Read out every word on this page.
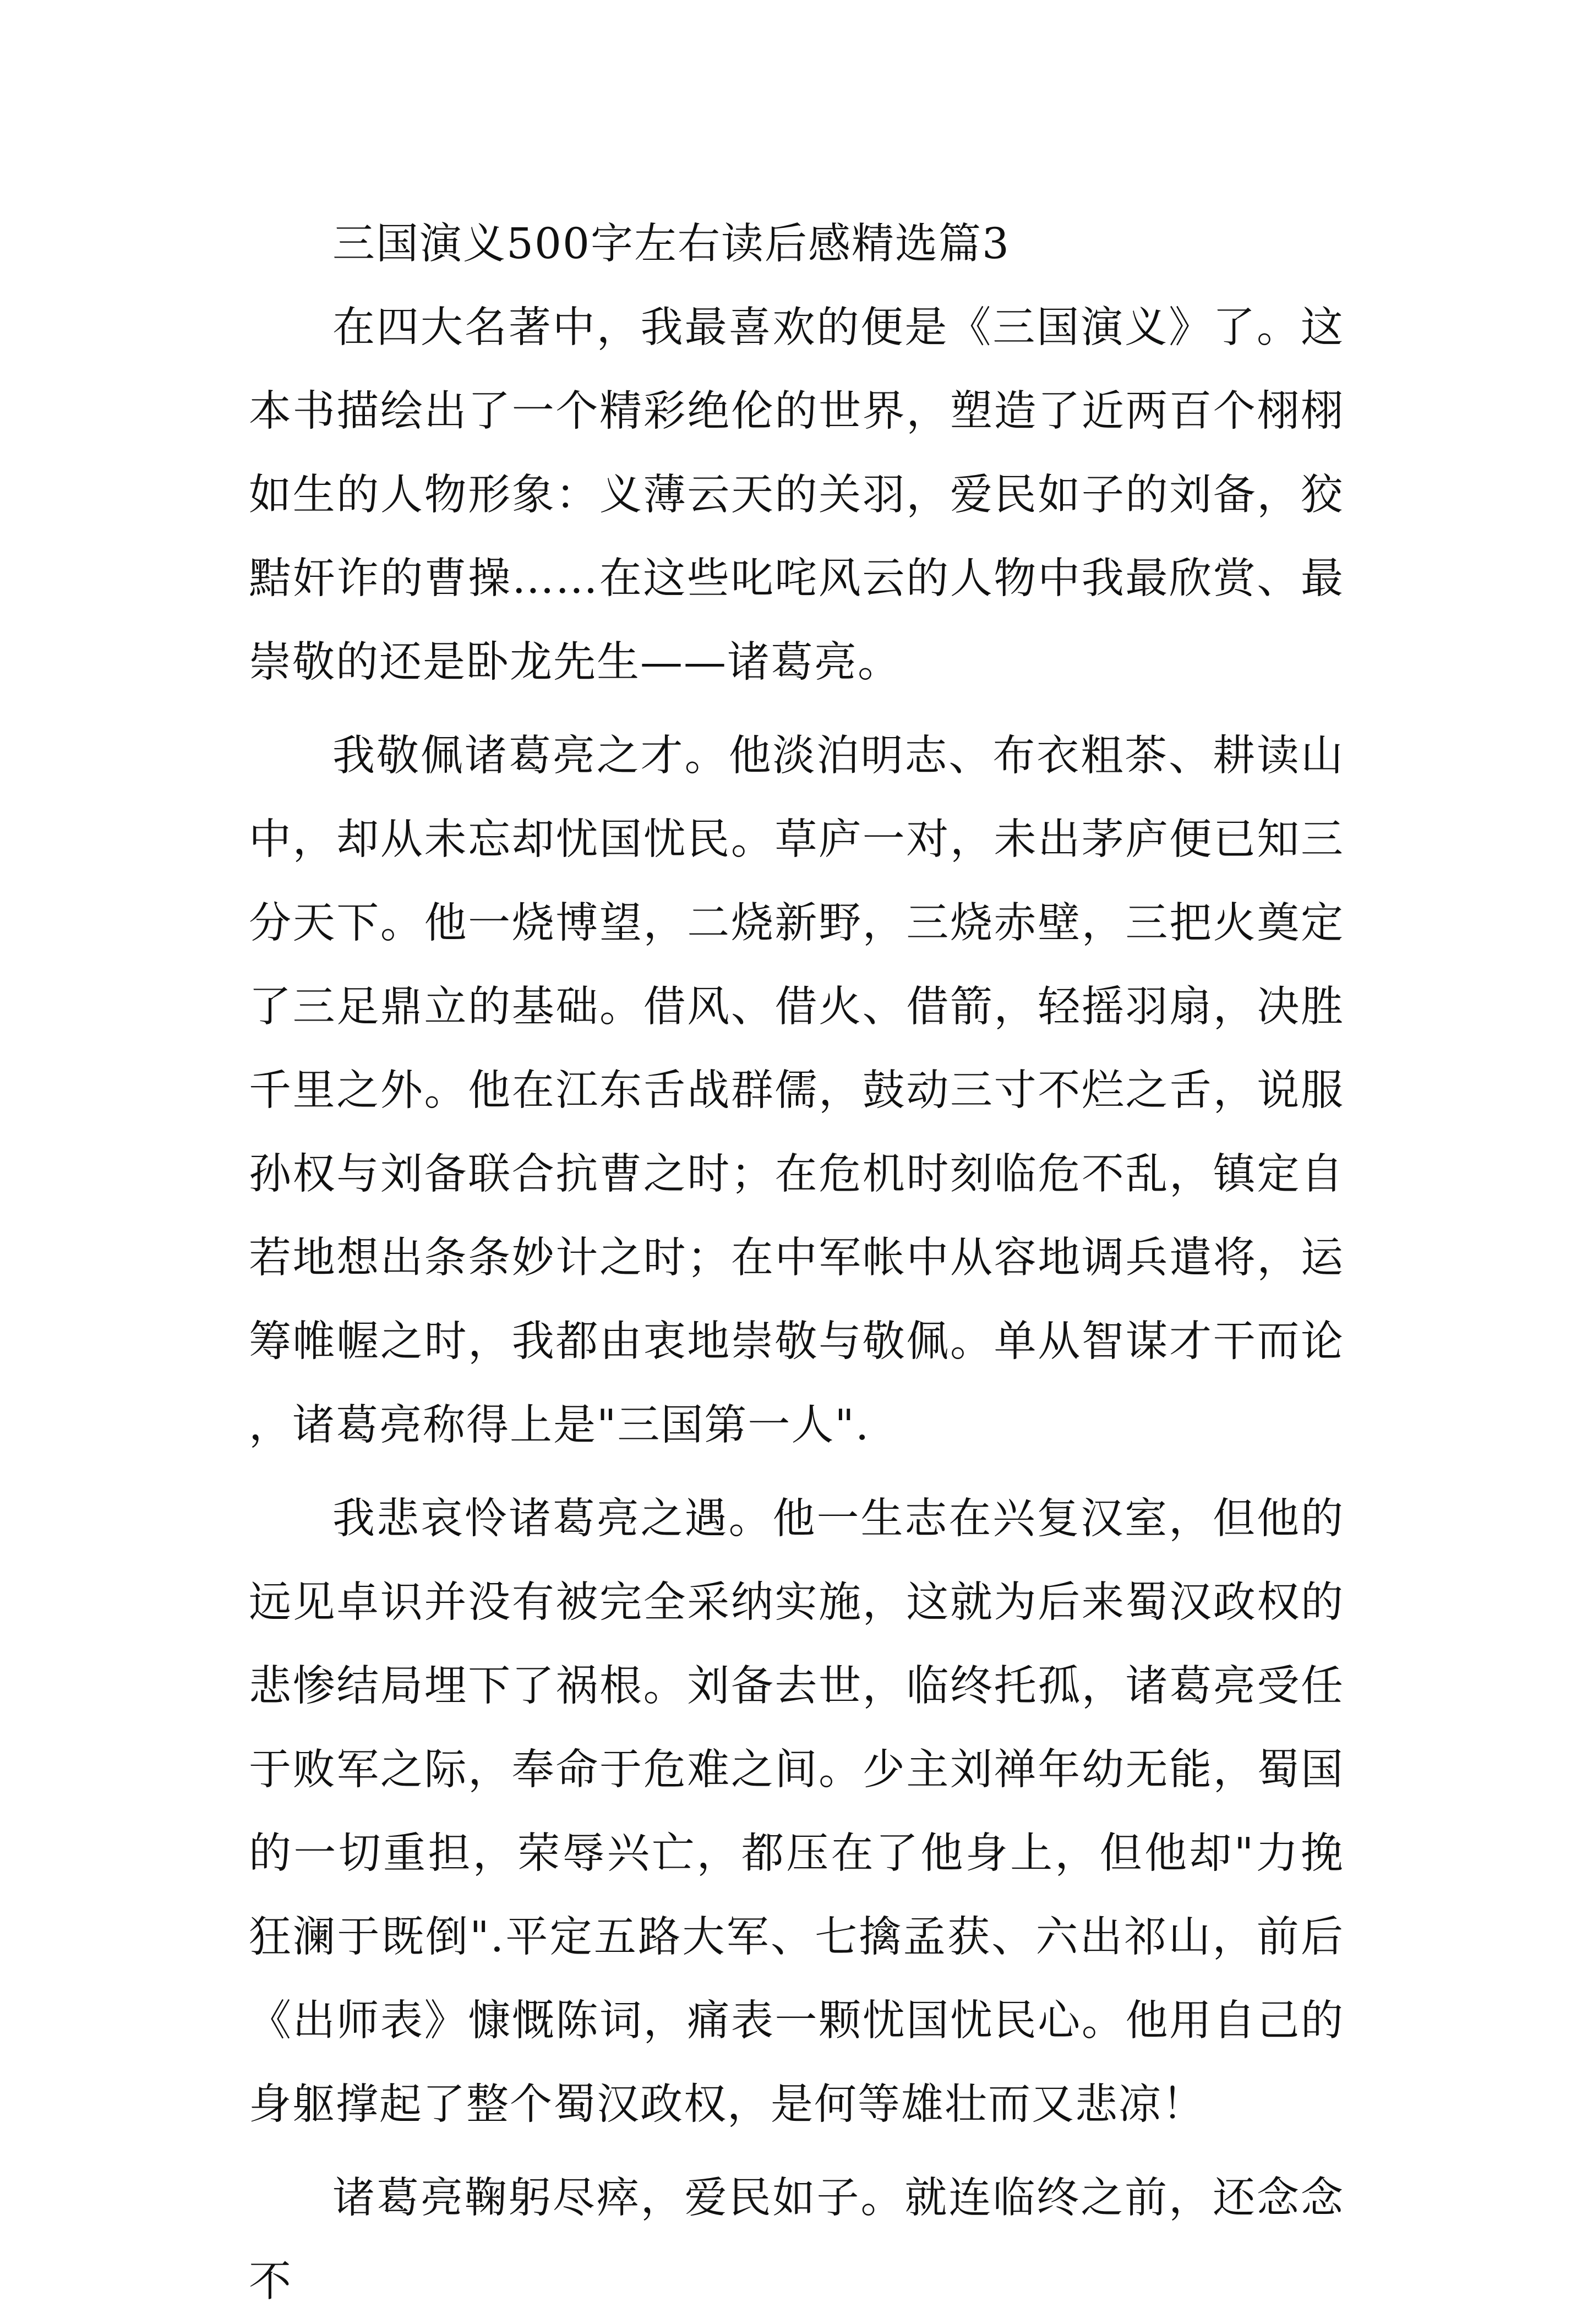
三国演义500字左右读后感精选篇3

在四大名著中，我最喜欢的便是《三国演义》了。这本书描绘出了一个精彩绝伦的世界，塑造了近两百个栩栩如生的人物形象：义薄云天的关羽，爱民如子的刘备，狡黠奸诈的曹操……在这些叱咤风云的人物中我最欣赏、最崇敬的还是卧龙先生——诸葛亮。

我敬佩诸葛亮之才。他淡泊明志、布衣粗茶、耕读山中，却从未忘却忧国忧民。草庐一对，未出茅庐便已知三分天下。他一烧博望，二烧新野，三烧赤壁，三把火奠定了三足鼎立的基础。借风、借火、借箭，轻摇羽扇，决胜千里之外。他在江东舌战群儒，鼓动三寸不烂之舌，说服孙权与刘备联合抗曹之时；在危机时刻临危不乱，镇定自若地想出条条妙计之时；在中军帐中从容地调兵遣将，运筹帷幄之时，我都由衷地崇敬与敬佩。单从智谋才干而论，诸葛亮称得上是"三国第一人".

我悲哀怜诸葛亮之遇。他一生志在兴复汉室，但他的远见卓识并没有被完全采纳实施，这就为后来蜀汉政权的悲惨结局埋下了祸根。刘备去世，临终托孤，诸葛亮受任于败军之际，奉命于危难之间。少主刘禅年幼无能，蜀国的一切重担，荣辱兴亡，都压在了他身上，但他却"力挽狂澜于既倒".平定五路大军、七擒孟获、六出祁山，前后《出师表》慷慨陈词，痛表一颗忧国忧民心。他用自己的身躯撑起了整个蜀汉政权，是何等雄壮而又悲凉！

诸葛亮鞠躬尽瘁，爱民如子。就连临终之前，还念念不
